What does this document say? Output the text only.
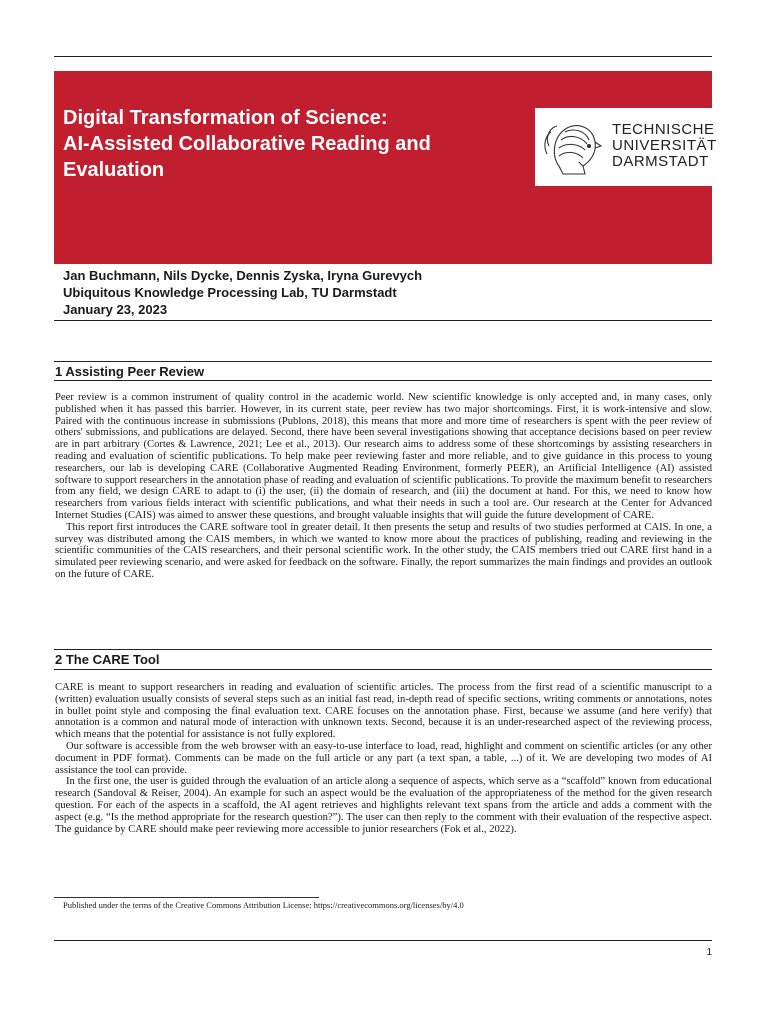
Digital Transformation of Science:
AI-Assisted Collaborative Reading and
Evaluation
TECHNISCHE
UNIVERSITÄT
DARMSTADT
Jan Buchmann, Nils Dycke, Dennis Zyska, Iryna Gurevych
Ubiquitous Knowledge Processing Lab, TU Darmstadt
January 23, 2023
1 Assisting Peer Review

Peer review is a common instrument of quality control in the academic world. New scientific knowledge is only accepted and, in many cases, only published when it has passed this barrier. However, in its current state, peer review has two major shortcomings. First, it is work-intensive and slow. Paired with the continuous increase in submissions (Publons, 2018), this means that more and more time of researchers is spent with the peer review of others' submissions, and publications are delayed. Second, there have been several investigations showing that acceptance decisions based on peer review are in part arbitrary (Cortes & Lawrence, 2021; Lee et al., 2013). Our research aims to address some of these shortcomings by assisting researchers in reading and evaluation of scientific publications. To help make peer reviewing faster and more reliable, and to give guidance in this process to young researchers, our lab is developing CARE (Collaborative Augmented Reading Environment, formerly PEER), an Artificial Intelligence (AI) assisted software to support researchers in the annotation phase of reading and evaluation of scientific publications. To provide the maximum benefit to researchers from any field, we design CARE to adapt to (i) the user, (ii) the domain of research, and (iii) the document at hand. For this, we need to know how researchers from various fields interact with scientific publications, and what their needs in such a tool are. Our research at the Center for Advanced Internet Studies (CAIS) was aimed to answer these questions, and brought valuable insights that will guide the future development of CARE.

This report first introduces the CARE software tool in greater detail. It then presents the setup and results of two studies performed at CAIS. In one, a survey was distributed among the CAIS members, in which we wanted to know more about the practices of publishing, reading and reviewing in the scientific communities of the CAIS researchers, and their personal scientific work. In the other study, the CAIS members tried out CARE first hand in a simulated peer reviewing scenario, and were asked for feedback on the software. Finally, the report summarizes the main findings and provides an outlook on the future of CARE.

2 The CARE Tool

CARE is meant to support researchers in reading and evaluation of scientific articles. The process from the first read of a scientific manuscript to a (written) evaluation usually consists of several steps such as an initial fast read, in-depth read of specific sections, writing comments or annotations, notes in bullet point style and composing the final evaluation text. CARE focuses on the annotation phase. First, because we assume (and here verify) that annotation is a common and natural mode of interaction with unknown texts. Second, because it is an under-researched aspect of the reviewing process, which means that the potential for assistance is not fully explored.

Our software is accessible from the web browser with an easy-to-use interface to load, read, highlight and comment on scientific articles (or any other document in PDF format). Comments can be made on the full article or any part (a text span, a table, ...) of it. We are developing two modes of AI assistance the tool can provide.

In the first one, the user is guided through the evaluation of an article along a sequence of aspects, which serve as a “scaffold” known from educational research (Sandoval & Reiser, 2004). An example for such an aspect would be the evaluation of the appropriateness of the method for the given research question. For each of the aspects in a scaffold, the AI agent retrieves and highlights relevant text spans from the article and adds a comment with the aspect (e.g. “Is the method appropriate for the research question?”). The user can then reply to the comment with their evaluation of the respective aspect. The guidance by CARE should make peer reviewing more accessible to junior researchers (Fok et al., 2022).

Published under the terms of the Creative Commons Attribution License: https://creativecommons.org/licenses/by/4.0
1
